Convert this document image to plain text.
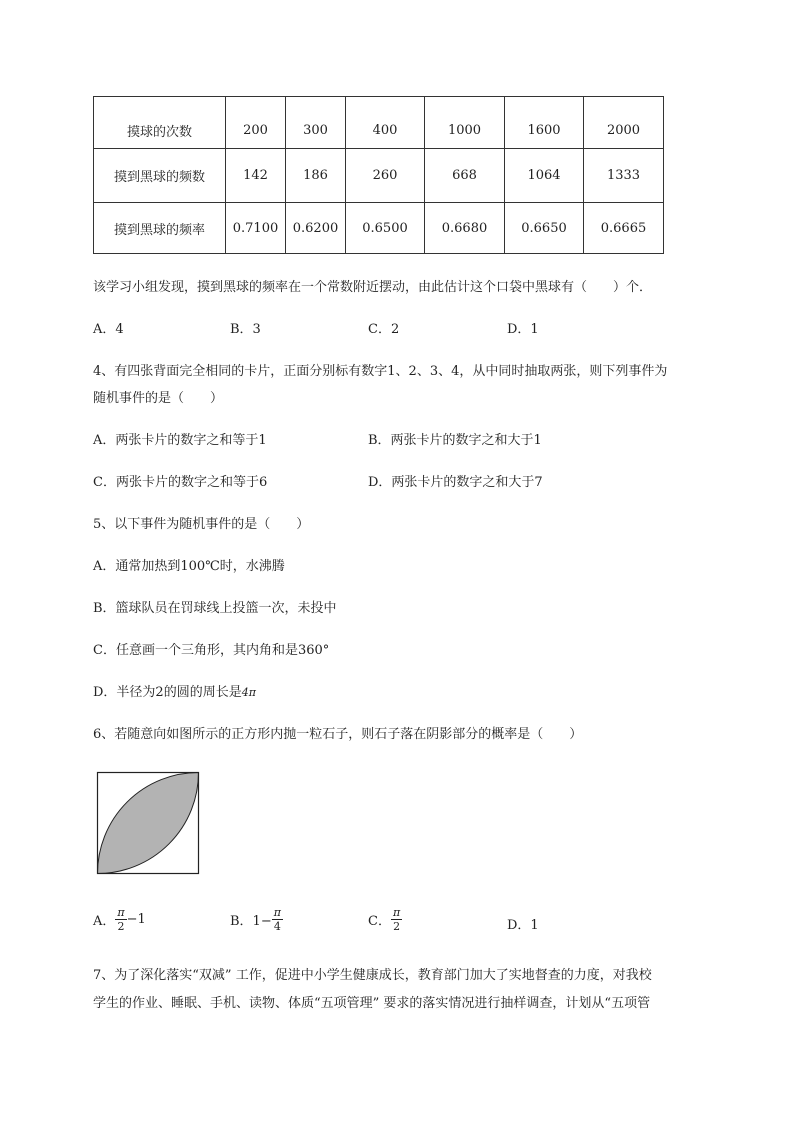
摸球的次数	200	300	400	1000	1600	2000
摸到黑球的频数	142	186	260	668	1064	1333
摸到黑球的频率	0.7100	0.6200	0.6500	0.6680	0.6650	0.6665
该学习小组发现，摸到黑球的频率在一个常数附近摆动，由此估计这个口袋中黑球有（　　）个．
A．4	B．3	C．2	D．1
4、有四张背面完全相同的卡片，正面分别标有数字1、2、3、4，从中同时抽取两张，则下列事件为
随机事件的是（　　）
A．两张卡片的数字之和等于1	B．两张卡片的数字之和大于1
C．两张卡片的数字之和等于6	D．两张卡片的数字之和大于7
5、以下事件为随机事件的是（　　）
A．通常加热到100℃时，水沸腾
B．篮球队员在罚球线上投篮一次，未投中
C．任意画一个三角形，其内角和是360°
D．半径为2的圆的周长是4π
6、若随意向如图所示的正方形内抛一粒石子，则石子落在阴影部分的概率是（　　）
A． $\frac{\pi}{2} -1$	B．$1- \frac{\pi}{4}$	C． $\frac{\pi}{2}$	D．1
7、为了深化落实“双减” 工作，促进中小学生健康成长，教育部门加大了实地督查的力度，对我校
学生的作业、睡眠、手机、读物、体质“五项管理” 要求的落实情况进行抽样调查，计划从“五项管
